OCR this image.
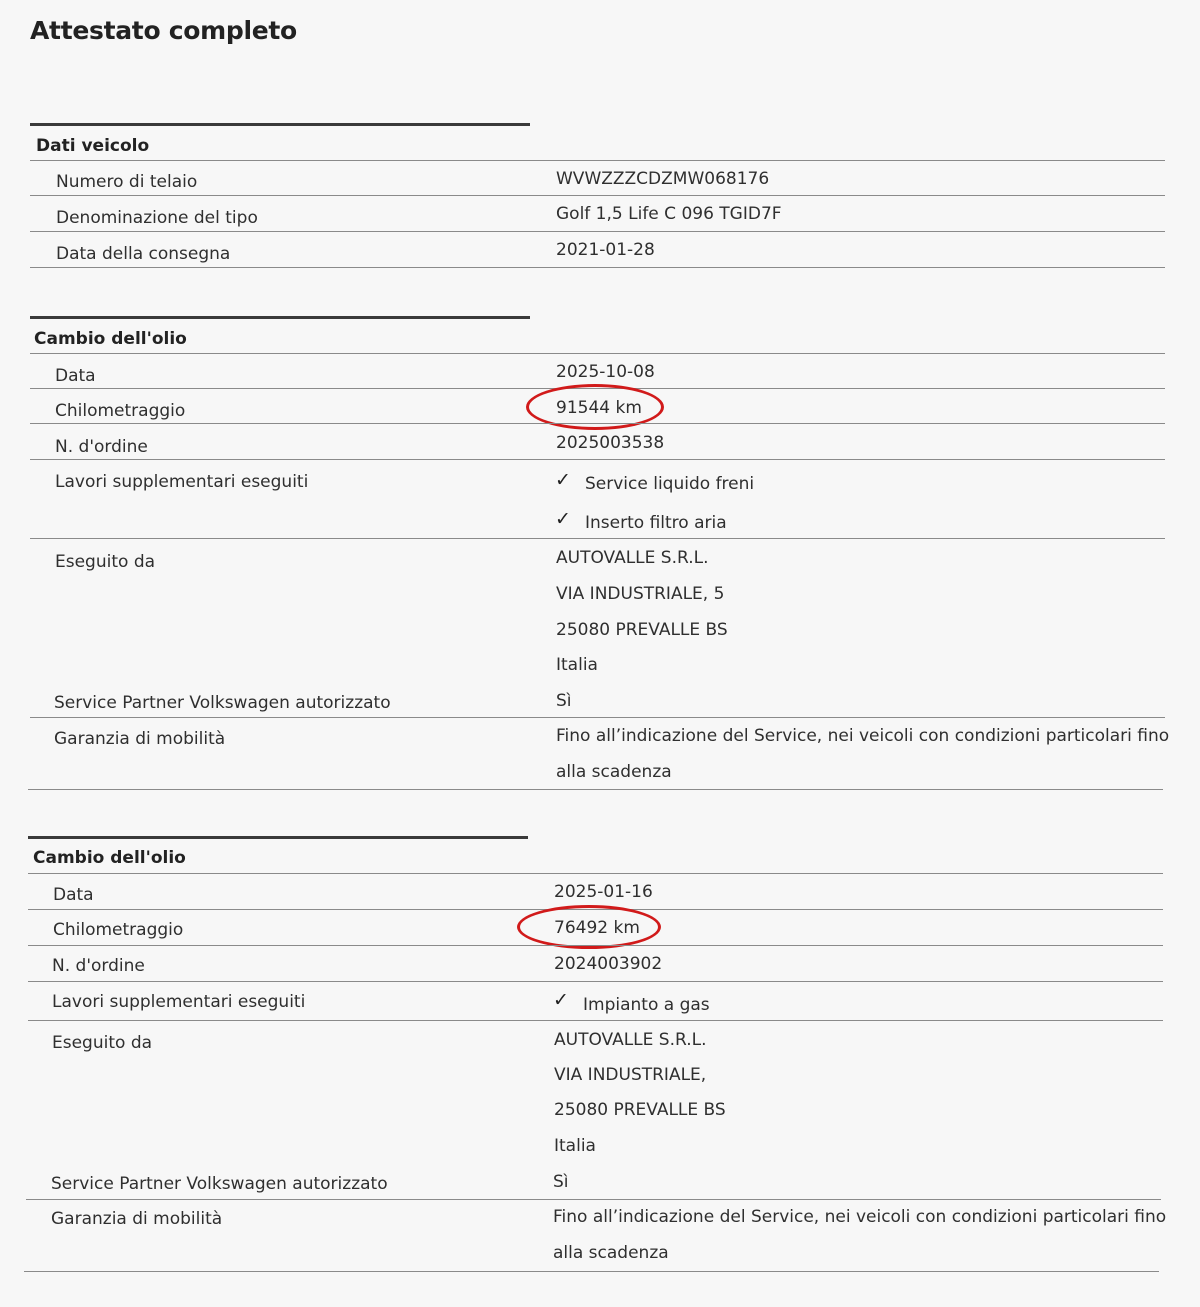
Attestato completo
Dati veicolo
Numero di telaio	WVWZZZCDZMW068176
Denominazione del tipo	Golf 1,5 Life C 096 TGID7F
Data della consegna	2021-01-28
Cambio dell'olio
Data	2025-10-08
Chilometraggio	91544 km
N. d'ordine	2025003538
Lavori supplementari eseguiti	✓ Service liquido freni
✓ Inserto filtro aria
Eseguito da	AUTOVALLE S.R.L.
VIA INDUSTRIALE, 5
25080 PREVALLE BS
Italia
Service Partner Volkswagen autorizzato	Sì
Garanzia di mobilità	Fino all’indicazione del Service, nei veicoli con condizioni particolari fino
alla scadenza
Cambio dell'olio
Data	2025-01-16
Chilometraggio	76492 km
N. d'ordine	2024003902
Lavori supplementari eseguiti	✓ Impianto a gas
Eseguito da	AUTOVALLE S.R.L.
VIA INDUSTRIALE,
25080 PREVALLE BS
Italia
Service Partner Volkswagen autorizzato	Sì
Garanzia di mobilità	Fino all’indicazione del Service, nei veicoli con condizioni particolari fino
alla scadenza
